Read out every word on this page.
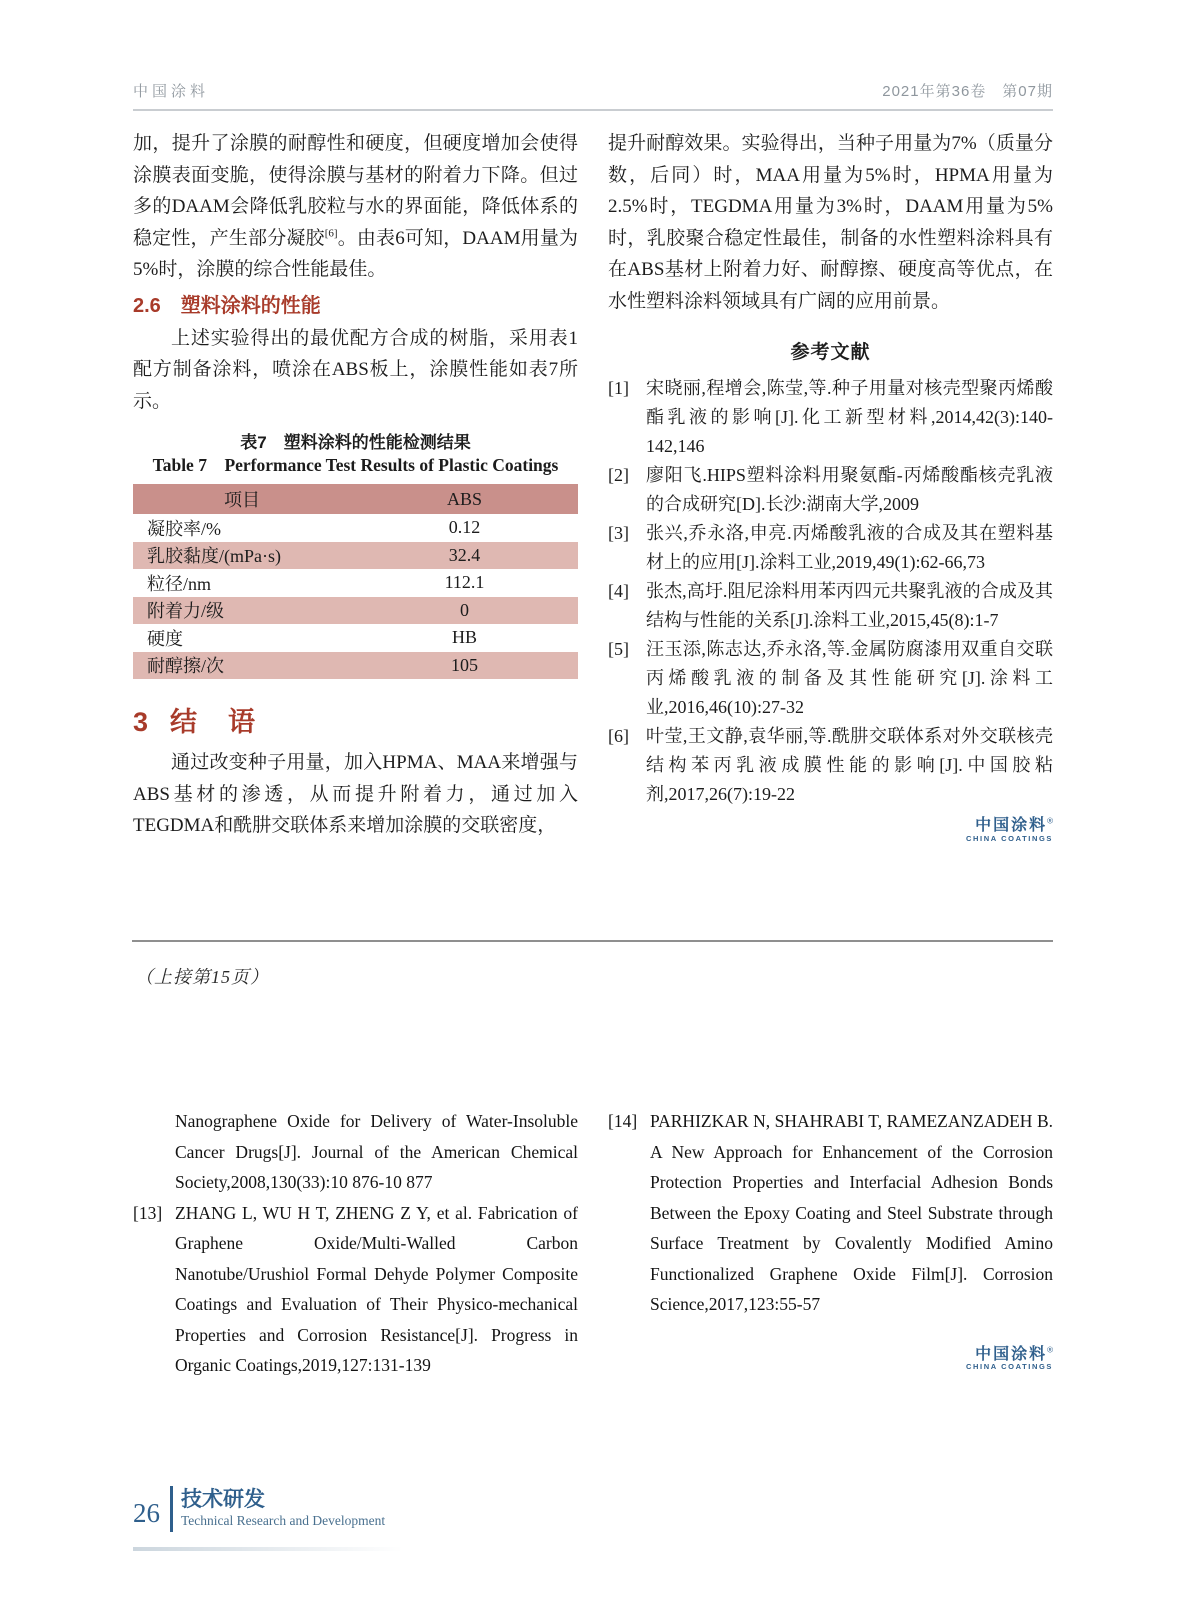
中国涂料	2021年第36卷　第07期

加，提升了涂膜的耐醇性和硬度，但硬度增加会使得涂膜表面变脆，使得涂膜与基材的附着力下降。但过多的DAAM会降低乳胶粒与水的界面能，降低体系的稳定性，产生部分凝胶[6]。由表6可知，DAAM用量为5%时，涂膜的综合性能最佳。

2.6　塑料涂料的性能

上述实验得出的最优配方合成的树脂，采用表1配方制备涂料，喷涂在ABS板上，涂膜性能如表7所示。

表7　塑料涂料的性能检测结果
Table 7　Performance Test Results of Plastic Coatings
项目	ABS
凝胶率/%	0.12
乳胶黏度/(mPa·s)	32.4
粒径/nm	112.1
附着力/级	0
硬度	HB
耐醇擦/次	105
3 结　语

通过改变种子用量，加入HPMA、MAA来增强与ABS基材的渗透，从而提升附着力，通过加入TEGDMA和酰肼交联体系来增加涂膜的交联密度，

提升耐醇效果。实验得出，当种子用量为7%（质量分数，后同）时，MAA用量为5%时，HPMA用量为2.5%时，TEGDMA用量为3%时，DAAM用量为5%时，乳胶聚合稳定性最佳，制备的水性塑料涂料具有在ABS基材上附着力好、耐醇擦、硬度高等优点，在水性塑料涂料领域具有广阔的应用前景。

参考文献
[1] 宋晓丽,程增会,陈莹,等.种子用量对核壳型聚丙烯酸酯乳液的影响[J].化工新型材料,2014,42(3):140-142,146
[2] 廖阳飞.HIPS塑料涂料用聚氨酯-丙烯酸酯核壳乳液的合成研究[D].长沙:湖南大学,2009
[3] 张兴,乔永洛,申亮.丙烯酸乳液的合成及其在塑料基材上的应用[J].涂料工业,2019,49(1):62-66,73
[4] 张杰,高圩.阻尼涂料用苯丙四元共聚乳液的合成及其结构与性能的关系[J].涂料工业,2015,45(8):1-7
[5] 汪玉添,陈志达,乔永洛,等.金属防腐漆用双重自交联丙烯酸乳液的制备及其性能研究[J].涂料工业,2016,46(10):27-32
[6] 叶莹,王文静,袁华丽,等.酰肼交联体系对外交联核壳结构苯丙乳液成膜性能的影响[J].中国胶粘剂,2017,26(7):19-22
中国涂料®
CHINA COATINGS
（上接第15页）
Nanographene Oxide for Delivery of Water-Insoluble Cancer Drugs[J]. Journal of the American Chemical Society,2008,130(33):10 876-10 877
[13] ZHANG L, WU H T, ZHENG Z Y, et al. Fabrication of Graphene Oxide/Multi-Walled Carbon Nanotube/Urushiol Formal Dehyde Polymer Composite Coatings and Evaluation of Their Physico-mechanical Properties and Corrosion Resistance[J]. Progress in Organic Coatings,2019,127:131-139
[14] PARHIZKAR N, SHAHRABI T, RAMEZANZADEH B. A New Approach for Enhancement of the Corrosion Protection Properties and Interfacial Adhesion Bonds Between the Epoxy Coating and Steel Substrate through Surface Treatment by Covalently Modified Amino Functionalized Graphene Oxide Film[J]. Corrosion Science,2017,123:55-57
中国涂料®
CHINA COATINGS
26	技术研发
Technical Research and Development
